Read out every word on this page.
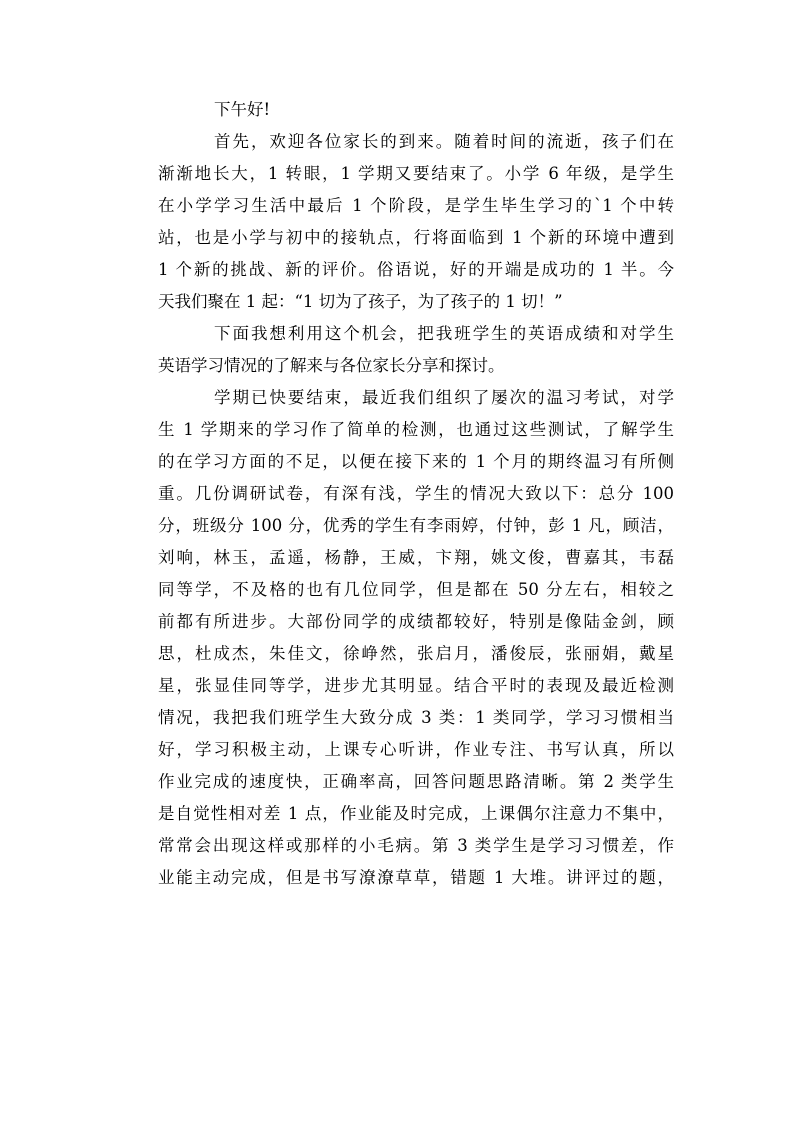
下午好!
首先，欢迎各位家长的到来。随着时间的流逝，孩子们在
渐渐地长大，1 转眼，1 学期又要结束了。小学 6 年级，是学生
在小学学习生活中最后 1 个阶段，是学生毕生学习的`1 个中转
站，也是小学与初中的接轨点，行将面临到 1 个新的环境中遭到
1 个新的挑战、新的评价。俗语说，好的开端是成功的 1 半。今
天我们聚在 1 起：“1 切为了孩子，为了孩子的 1 切！”
下面我想利用这个机会，把我班学生的英语成绩和对学生
英语学习情况的了解来与各位家长分享和探讨。
学期已快要结束，最近我们组织了屡次的温习考试，对学
生 1 学期来的学习作了简单的检测，也通过这些测试，了解学生
的在学习方面的不足，以便在接下来的 1 个月的期终温习有所侧
重。几份调研试卷，有深有浅，学生的情况大致以下：总分 100
分，班级分 100 分，优秀的学生有李雨婷，付钟，彭 1 凡，顾洁，
刘响，林玉，孟遥，杨静，王威，卞翔，姚文俊，曹嘉其，韦磊
同等学，不及格的也有几位同学，但是都在 50 分左右，相较之
前都有所进步。大部份同学的成绩都较好，特别是像陆金剑，顾
思，杜成杰，朱佳文，徐峥然，张启月，潘俊辰，张丽娟，戴星
星，张显佳同等学，进步尤其明显。结合平时的表现及最近检测
情况，我把我们班学生大致分成 3 类：1 类同学，学习习惯相当
好，学习积极主动，上课专心听讲，作业专注、书写认真，所以
作业完成的速度快，正确率高，回答问题思路清晰。第 2 类学生
是自觉性相对差 1 点，作业能及时完成，上课偶尔注意力不集中，
常常会出现这样或那样的小毛病。第 3 类学生是学习习惯差，作
业能主动完成，但是书写潦潦草草，错题 1 大堆。讲评过的题，
